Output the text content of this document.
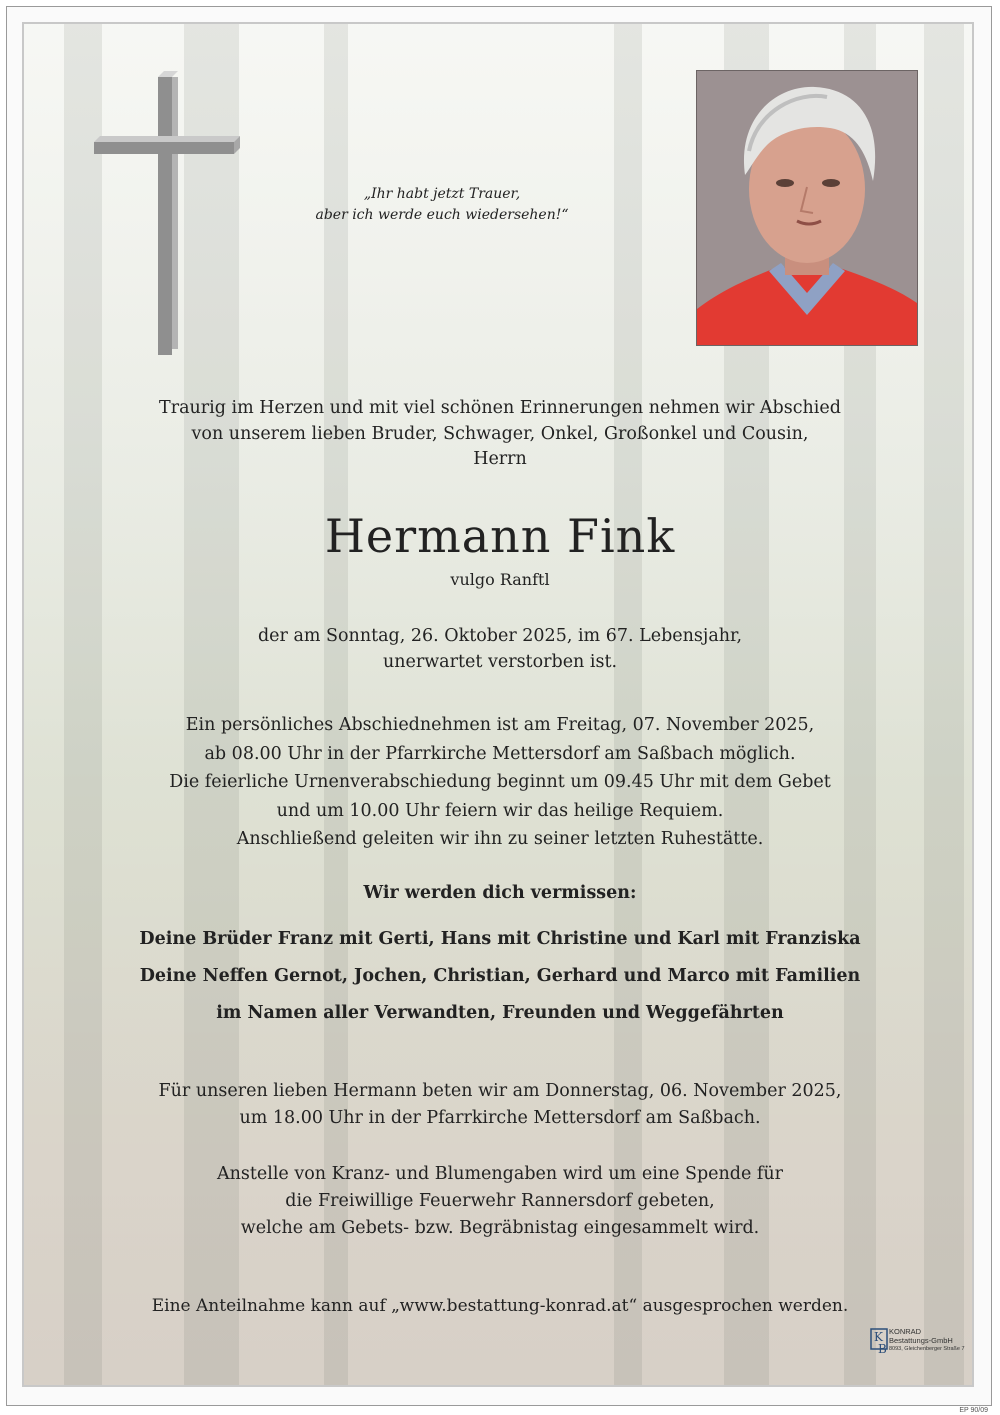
„Ihr habt jetzt Trauer,
aber ich werde euch wiedersehen!“
Traurig im Herzen und mit viel schönen Erinnerungen nehmen wir Abschied
von unserem lieben Bruder, Schwager, Onkel, Großonkel und Cousin,
Herrn
Hermann Fink
vulgo Ranftl
der am Sonntag, 26. Oktober 2025, im 67. Lebensjahr,
unerwartet verstorben ist.
Ein persönliches Abschiednehmen ist am Freitag, 07. November 2025,
ab 08.00 Uhr in der Pfarrkirche Mettersdorf am Saßbach möglich.
Die feierliche Urnenverabschiedung beginnt um 09.45 Uhr mit dem Gebet
und um 10.00 Uhr feiern wir das heilige Requiem.
Anschließend geleiten wir ihn zu seiner letzten Ruhestätte.
Wir werden dich vermissen:
Deine Brüder Franz mit Gerti, Hans mit Christine und Karl mit Franziska
Deine Neffen Gernot, Jochen, Christian, Gerhard und Marco mit Familien
im Namen aller Verwandten, Freunden und Weggefährten
Für unseren lieben Hermann beten wir am Donnerstag, 06. November 2025,
um 18.00 Uhr in der Pfarrkirche Mettersdorf am Saßbach.
Anstelle von Kranz- und Blumengaben wird um eine Spende für
die Freiwillige Feuerwehr Rannersdorf gebeten,
welche am Gebets- bzw. Begräbnistag eingesammelt wird.
Eine Anteilnahme kann auf „www.bestattung-konrad.at“ ausgesprochen werden.
K
B
KONRAD
Bestattungs-GmbH
8093, Gleichenberger Straße 7
EP 90/09
